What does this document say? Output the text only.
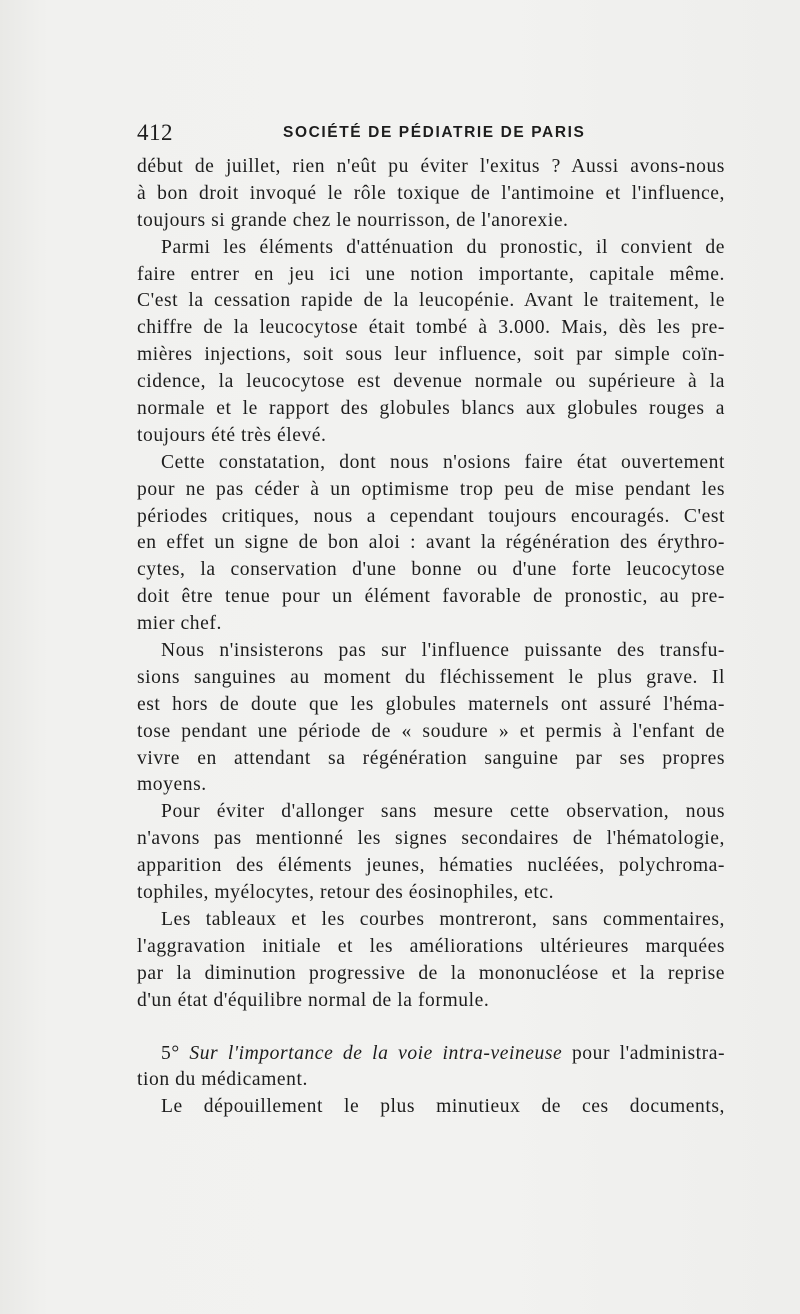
412	SOCIÉTÉ DE PÉDIATRIE DE PARIS
début de juillet, rien n'eût pu éviter l'exitus ? Aussi avons-nous
à bon droit invoqué le rôle toxique de l'antimoine et l'influence,
toujours si grande chez le nourrisson, de l'anorexie.
Parmi les éléments d'atténuation du pronostic, il convient de
faire entrer en jeu ici une notion importante, capitale même.
C'est la cessation rapide de la leucopénie. Avant le traitement, le
chiffre de la leucocytose était tombé à 3.000. Mais, dès les pre-
mières injections, soit sous leur influence, soit par simple coïn-
cidence, la leucocytose est devenue normale ou supérieure à la
normale et le rapport des globules blancs aux globules rouges a
toujours été très élevé.
Cette constatation, dont nous n'osions faire état ouvertement
pour ne pas céder à un optimisme trop peu de mise pendant les
périodes critiques, nous a cependant toujours encouragés. C'est
en effet un signe de bon aloi : avant la régénération des érythro-
cytes, la conservation d'une bonne ou d'une forte leucocytose
doit être tenue pour un élément favorable de pronostic, au pre-
mier chef.
Nous n'insisterons pas sur l'influence puissante des transfu-
sions sanguines au moment du fléchissement le plus grave. Il
est hors de doute que les globules maternels ont assuré l'héma-
tose pendant une période de « soudure » et permis à l'enfant de
vivre en attendant sa régénération sanguine par ses propres
moyens.
Pour éviter d'allonger sans mesure cette observation, nous
n'avons pas mentionné les signes secondaires de l'hématologie,
apparition des éléments jeunes, hématies nucléées, polychroma-
tophiles, myélocytes, retour des éosinophiles, etc.
Les tableaux et les courbes montreront, sans commentaires,
l'aggravation initiale et les améliorations ultérieures marquées
par la diminution progressive de la mononucléose et la reprise
d'un état d'équilibre normal de la formule.
5° Sur l'importance de la voie intra-veineuse pour l'administra-
tion du médicament.
Le dépouillement le plus minutieux de ces documents,
